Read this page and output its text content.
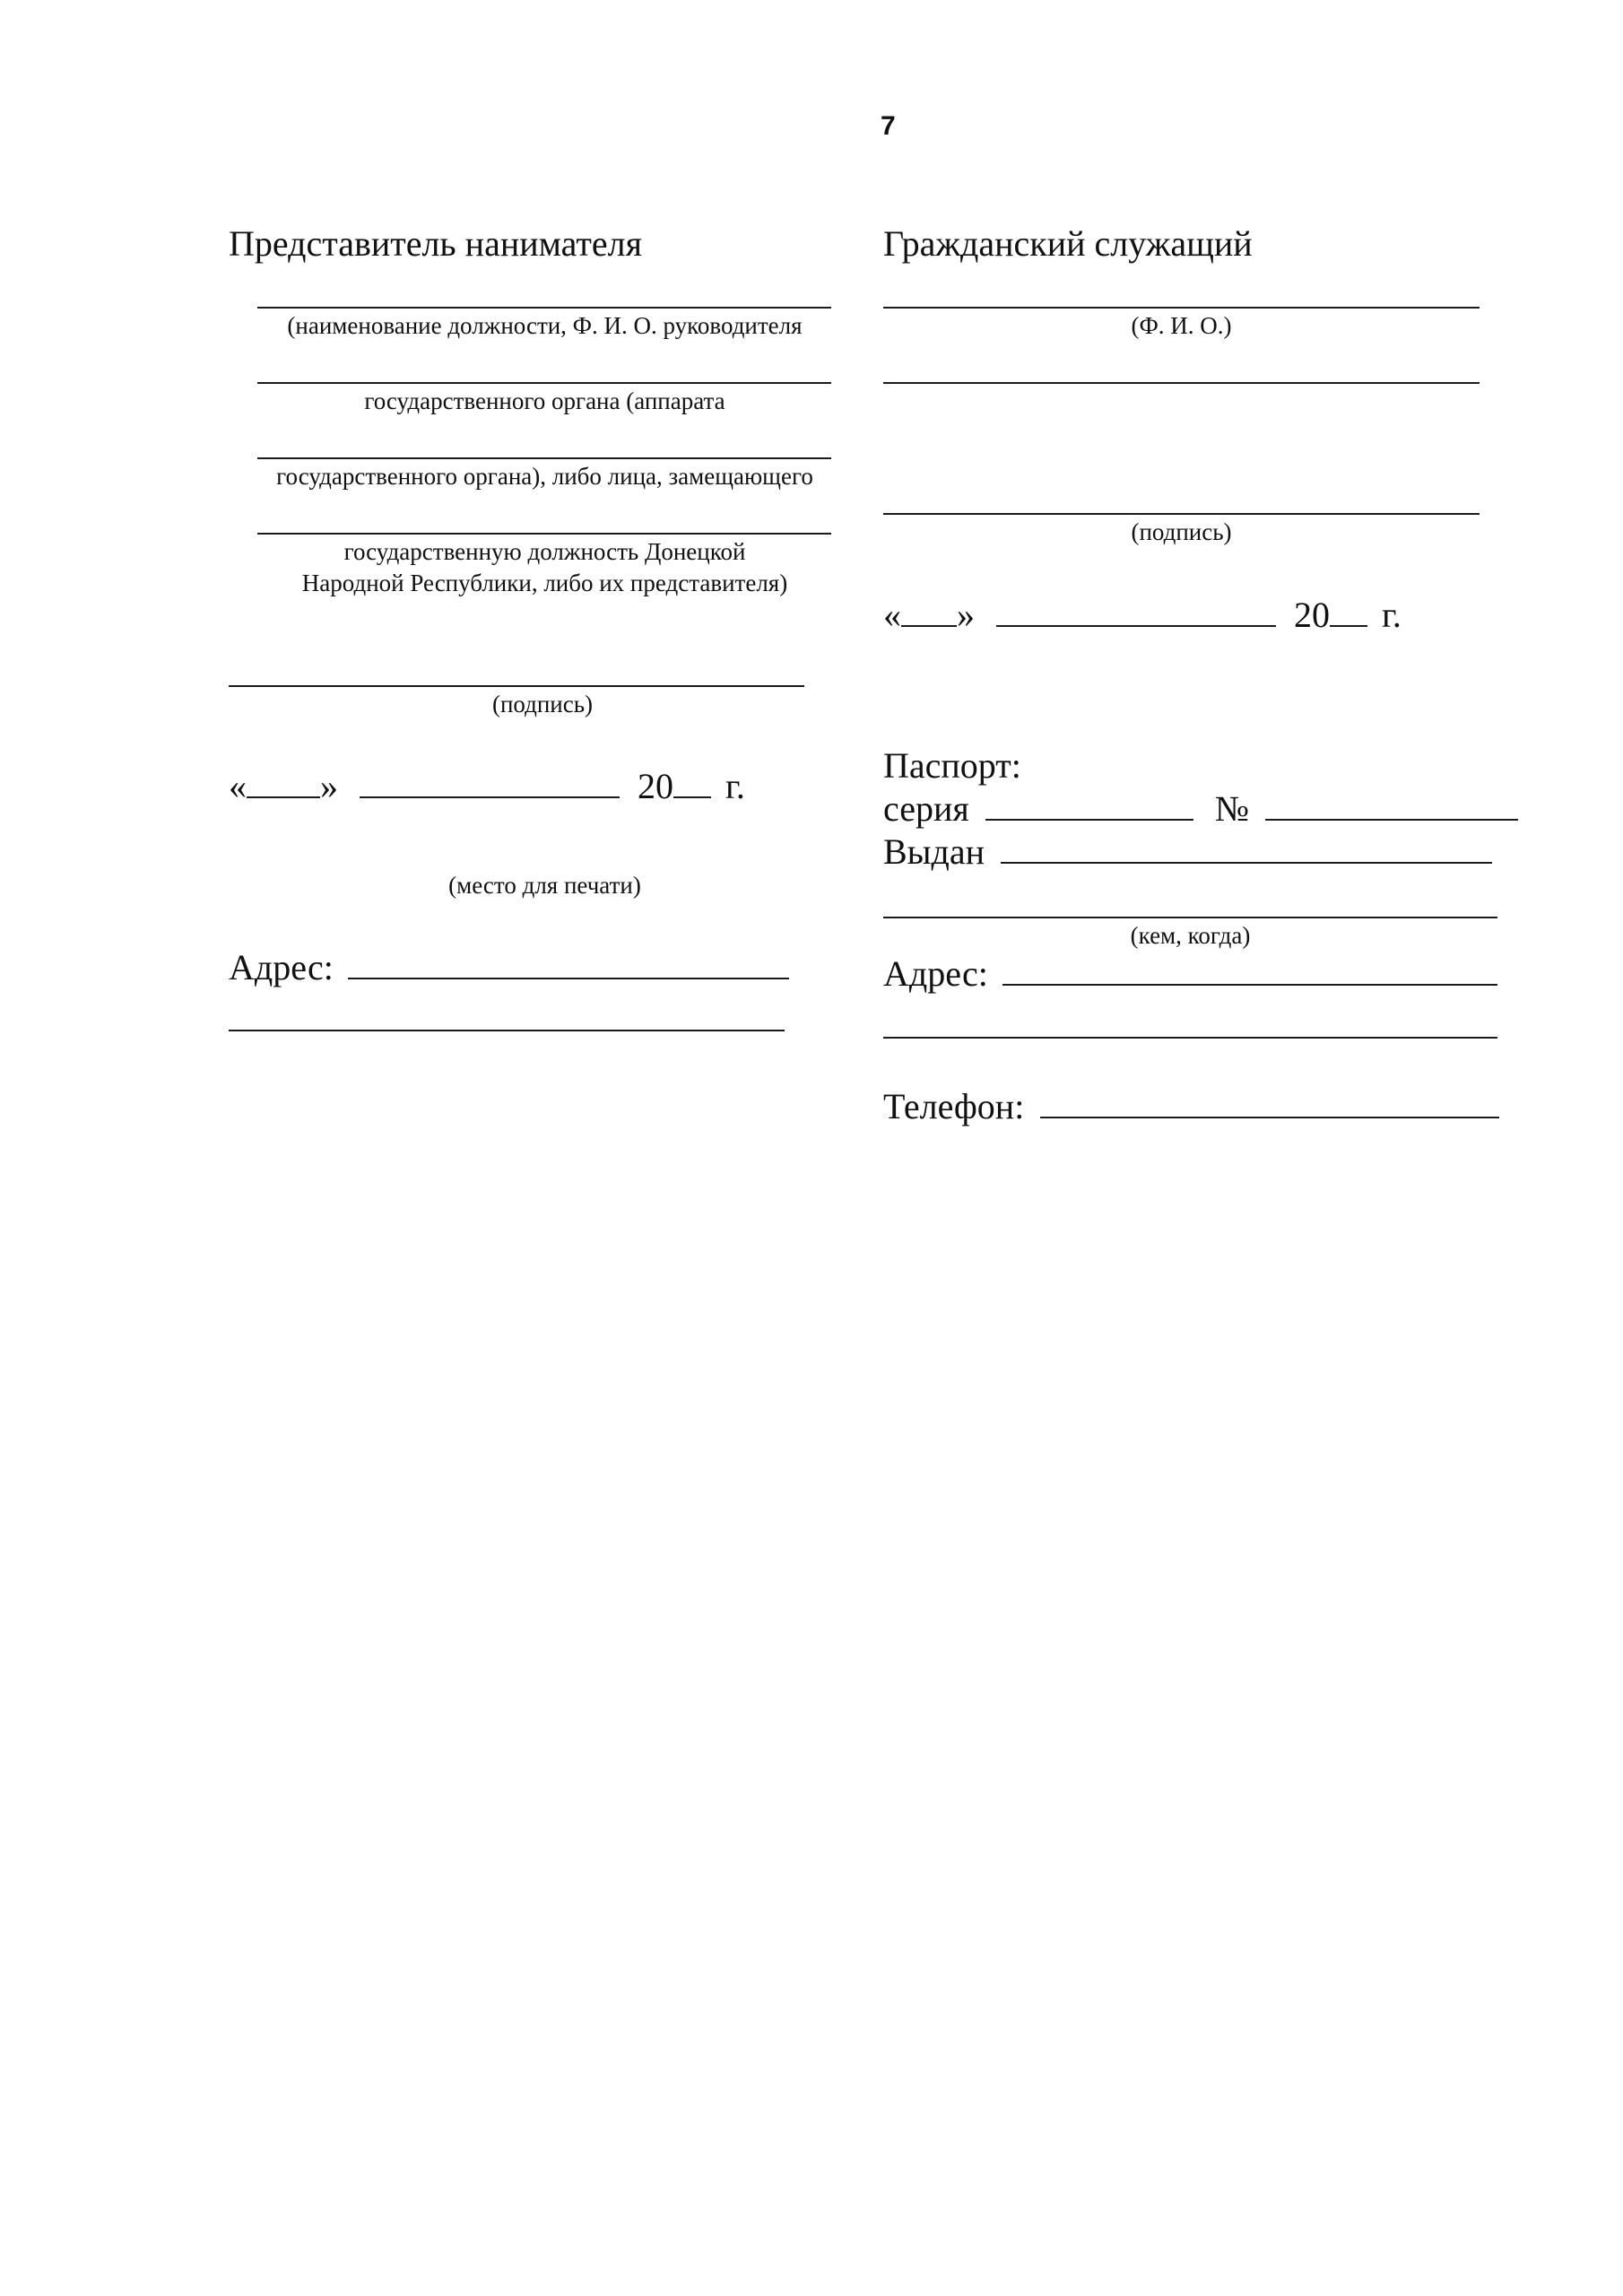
7
Представитель нанимателя
(наименование должности, Ф. И. О. руководителя
государственного органа (аппарата
государственного органа), либо лица, замещающего
государственную должность Донецкой
Народной Республики, либо их представителя)
(подпись)
« »	20 г.
(место для печати)
Адрес:
Гражданский служащий
(Ф. И. О.)
(подпись)
« »	20 г.
Паспорт:
серия	№
Выдан
(кем, когда)
Адрес:
Телефон:
